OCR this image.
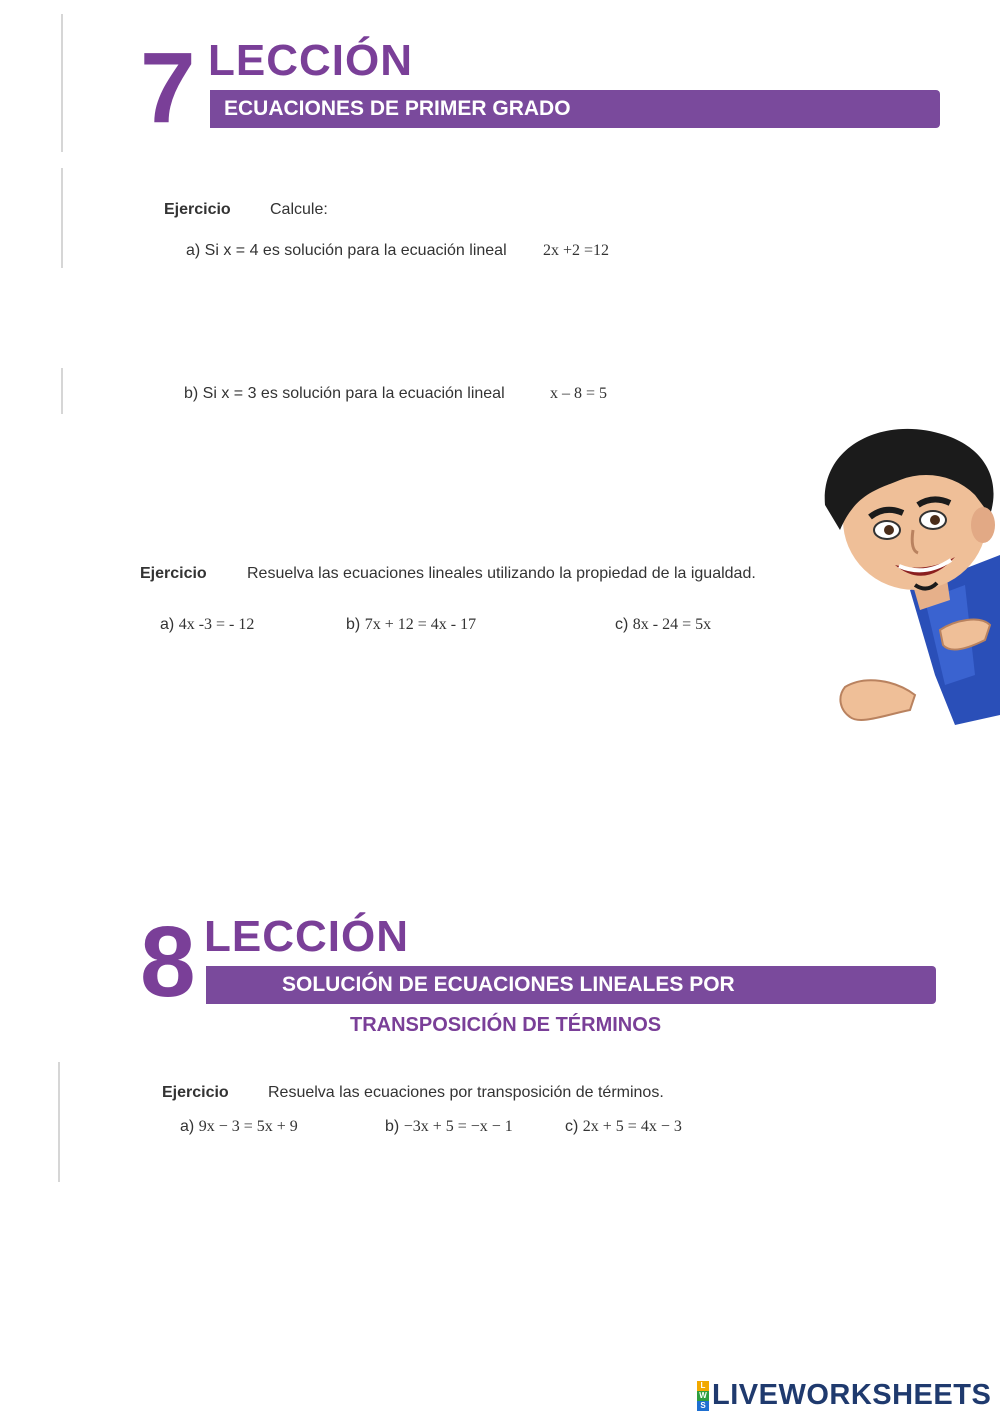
7 LECCIÓN
ECUACIONES DE PRIMER GRADO
Ejercicio Calcule:
a) Si x = 4 es solución para la ecuación lineal 2x +2 =12
b) Si x = 3 es solución para la ecuación lineal	x – 8 = 5
Ejercicio	Resuelva las ecuaciones lineales utilizando la propiedad de la igualdad.
a) 4x -3 = - 12	b) 7x + 12 = 4x - 17	c) 8x - 24 = 5x
8 LECCIÓN
SOLUCIÓN DE ECUACIONES LINEALES POR
TRANSPOSICIÓN DE TÉRMINOS
Ejercicio Resuelva las ecuaciones por transposición de términos.
a) 9x − 3 = 5x + 9	b) −3x + 5 = −x − 1	c) 2x + 5 = 4x − 3
L
W
S LIVEWORKSHEETS
